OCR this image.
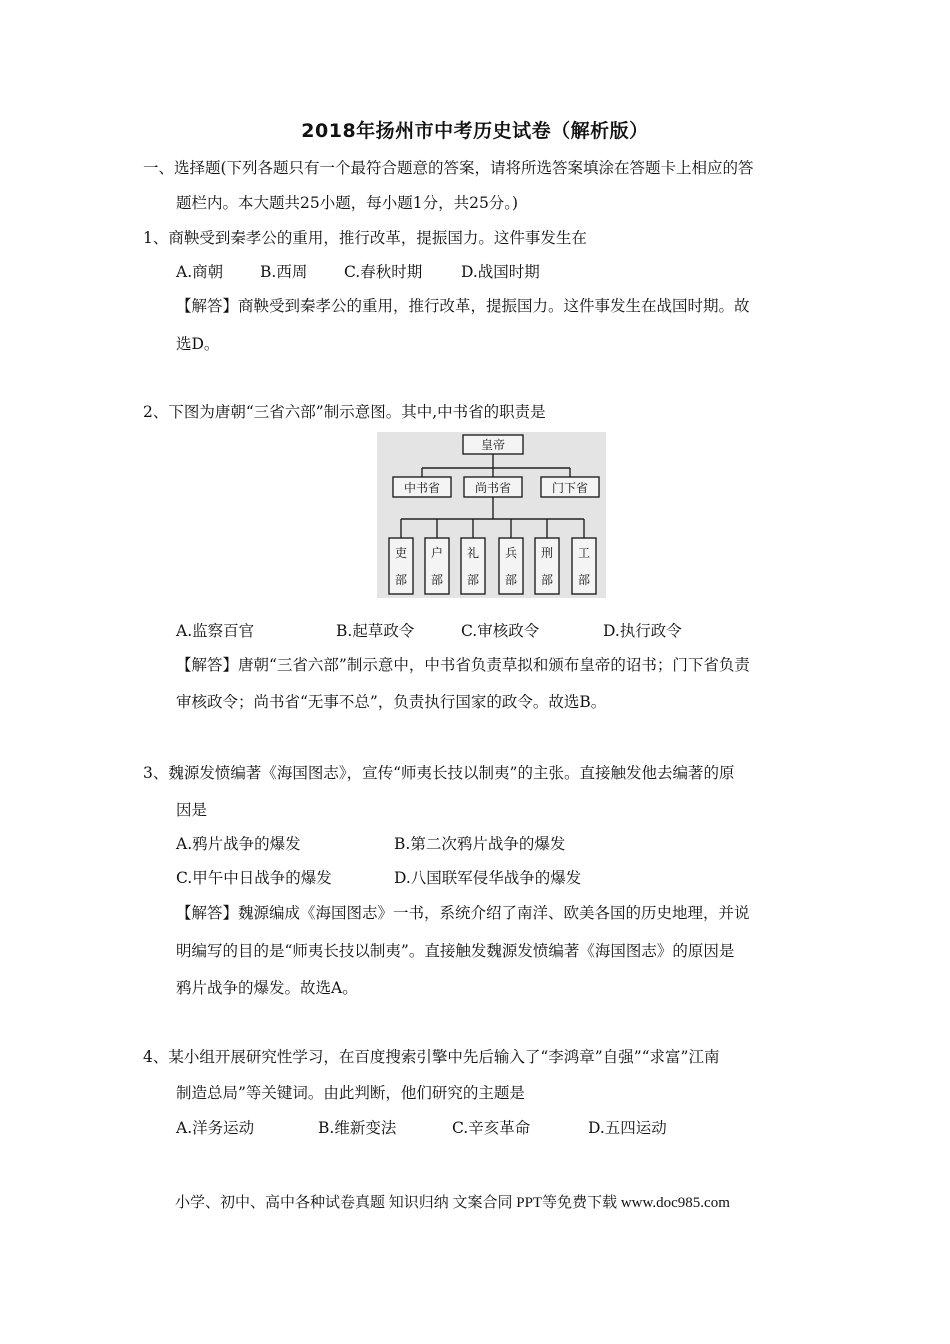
2018年扬州市中考历史试卷（解析版）
一、选择题(下列各题只有一个最符合题意的答案，请将所选答案填涂在答题卡上相应的答
题栏内。本大题共25小题，每小题1分，共25分。)
1、商鞅受到秦孝公的重用，推行改革，提振国力。这件事发生在
A.商朝 B.西周 C.春秋时期	D.战国时期
【解答】商鞅受到秦孝公的重用，推行改革，提振国力。这件事发生在战国时期。故
选D。
2、下图为唐朝“三省六部”制示意图。其中,中书省的职责是
皇帝
中书省	尚书省	门下省
吏
部
户
部
礼
部
兵
部
刑
部
工
部
A.监察百官	B.起草政令	C.审核政令	D.执行政令
【解答】唐朝“三省六部”制示意中，中书省负责草拟和颁布皇帝的诏书；门下省负责
审核政令；尚书省“无事不总”，负责执行国家的政令。故选B。
3、魏源发愤编著《海国图志》，宣传“师夷长技以制夷”的主张。直接触发他去编著的原
因是
A.鸦片战争的爆发	B.第二次鸦片战争的爆发
C.甲午中日战争的爆发	D.八国联军侵华战争的爆发
【解答】魏源编成《海国图志》一书，系统介绍了南洋、欧美各国的历史地理，并说
明编写的目的是“师夷长技以制夷”。直接触发魏源发愤编著《海国图志》的原因是
鸦片战争的爆发。故选A。
4、某小组开展研究性学习，在百度搜索引擎中先后输入了“李鸿章”自强”“求富”江南
制造总局”等关键词。由此判断，他们研究的主题是
A.洋务运动	B.维新变法	C.辛亥革命	D.五四运动
小学、初中、高中各种试卷真题 知识归纳 文案合同 PPT等免费下载 www.doc985.com
